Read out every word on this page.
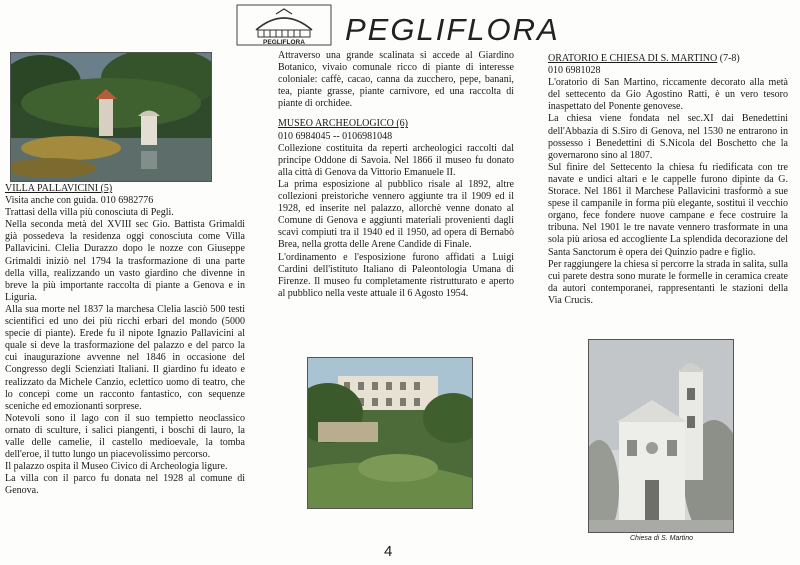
PEGLIFLORA PEGLIFLORA

VILLA PALLAVICINI (5)

Visita anche con guida. 010 6982776

Trattasi della villa più conosciuta di Pegli.

Nella seconda metà del XVIII sec Gio. Battista Grimaldi già possedeva la residenza oggi conosciuta come Villa Pallavicini. Clelia Durazzo dopo le nozze con Giuseppe Grimaldi iniziò nel 1794 la trasformazione di una parte della villa, realizzando un vasto giardino che divenne in breve la più importante raccolta di piante a Genova e in Liguria.

Alla sua morte nel 1837 la marchesa Clelia lasciò 500 testi scientifici ed uno dei più ricchi erbari del mondo (5000 specie di piante). Erede fu il nipote Ignazio Pallavicini al quale si deve la trasformazione del palazzo e del parco la cui inaugurazione avvenne nel 1846 in occasione del Congresso degli Scienziati Italiani. Il giardino fu ideato e realizzato da Michele Canzio, eclettico uomo di teatro, che lo concepì come un racconto fantastico, con sequenze sceniche ed emozionanti sorprese.

Notevoli sono il lago con il suo tempietto neoclassico ornato di sculture, i salici piangenti, i boschi di lauro, la valle delle camelie, il castello medioevale, la tomba dell'eroe, il tutto lungo un piacevolissimo percorso.

Il palazzo ospita il Museo Civico di Archeologia ligure.

La villa con il parco fu donata nel 1928 al comune di Genova.

Attraverso una grande scalinata si accede al Giardino Botanico, vivaio comunale ricco di piante di interesse coloniale: caffè, cacao, canna da zucchero, pepe, banani, tea, piante grasse, piante carnivore, ed una raccolta di piante di orchidee.

MUSEO ARCHEOLOGICO (6)

010 6984045 -- 0106981048

Collezione costituita da reperti archeologici raccolti dal principe Oddone di Savoia. Nel 1866 il museo fu donato alla città di Genova da Vittorio Emanuele II.

La prima esposizione al pubblico risale al 1892, altre collezioni preistoriche vennero aggiunte tra il 1909 ed il 1928, ed inserite nel palazzo, allorchè venne donato al Comune di Genova e aggiunti materiali provenienti dagli scavi compiuti tra il 1940 ed il 1950, ad opera di Bernabò Brea, nella grotta delle Arene Candide di Finale.

L'ordinamento e l'esposizione furono affidati a Luigi Cardini dell'istituto Italiano di Paleontologia Umana di Firenze. Il museo fu completamente ristrutturato e aperto al pubblico nella veste attuale il 6 Agosto 1954.

ORATORIO E CHIESA DI S. MARTINO (7-8)

010 6981028

L'oratorio di San Martino, riccamente decorato alla metà del settecento da Gio Agostino Ratti, è un vero tesoro inaspettato del Ponente genovese.

La chiesa viene fondata nel sec.XI dai Benedettini dell'Abbazia di S.Siro di Genova, nel 1530 ne entrarono in possesso i Benedettini di S.Nicola del Boschetto che la governarono sino al 1807.

Sul finire del Settecento la chiesa fu riedificata con tre navate e undici altari e le cappelle furono dipinte da G. Storace. Nel 1861 il Marchese Pallavicini trasformò a sue spese il campanile in forma più elegante, sostituì il vecchio organo, fece fondere nuove campane e fece costruire la tribuna. Nel 1901 le tre navate vennero trasformate in una sola più ariosa ed accogliente La splendida decorazione del Santa Sanctorum è opera dei Quinzio padre e figlio.

Per raggiungere la chiesa si percorre la strada in salita, sulla cui parete destra sono murate le formelle in ceramica create da autori contemporanei, rappresentanti le stazioni della Via Crucis.

Chiesa di S. Martino
4
